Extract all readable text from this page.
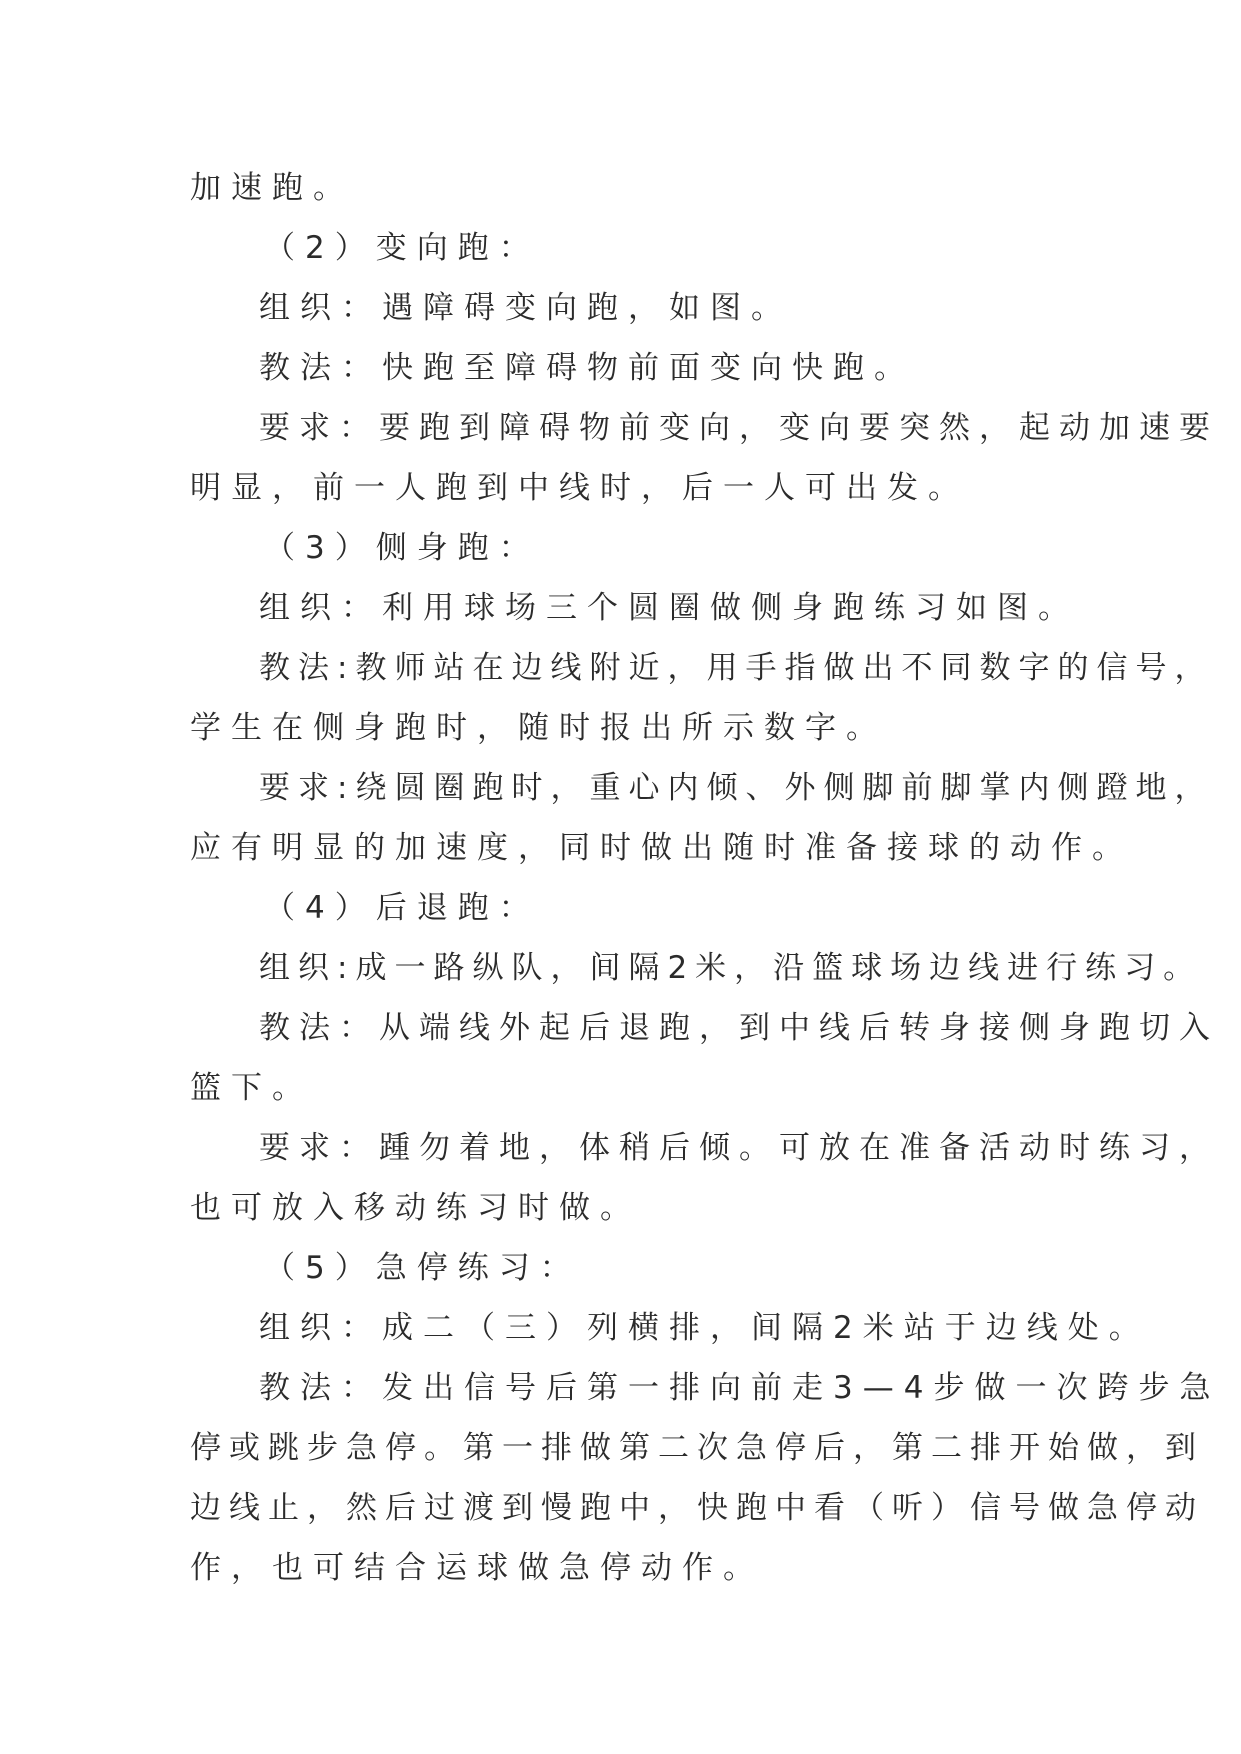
加速跑。
（2）变向跑：
组织：遇障碍变向跑，如图。
教法：快跑至障碍物前面变向快跑。
要求：要跑到障碍物前变向，变向要突然，起动加速要
明显，前一人跑到中线时，后一人可出发。
（3）侧身跑：
组织：利用球场三个圆圈做侧身跑练习如图。
教法:教师站在边线附近，用手指做出不同数字的信号，
学生在侧身跑时，随时报出所示数字。
要求:绕圆圈跑时，重心内倾、外侧脚前脚掌内侧蹬地，
应有明显的加速度，同时做出随时准备接球的动作。
（4）后退跑：
组织:成一路纵队，间隔2米，沿篮球场边线进行练习。
教法：从端线外起后退跑，到中线后转身接侧身跑切入
篮下。
要求：踵勿着地，体稍后倾。可放在准备活动时练习，
也可放入移动练习时做。
（5）急停练习：
组织：成二（三）列横排，间隔2米站于边线处。
教法：发出信号后第一排向前走3—4步做一次跨步急
停或跳步急停。第一排做第二次急停后，第二排开始做，到
边线止，然后过渡到慢跑中，快跑中看（听）信号做急停动
作，也可结合运球做急停动作。
